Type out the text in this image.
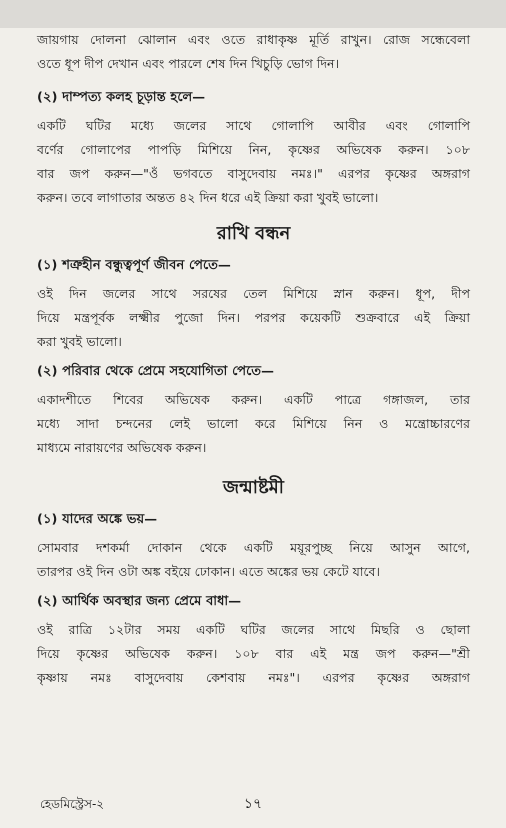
জায়গায় দোলনা ঝোলান এবং ওতে রাধাকৃষ্ণ মূর্তি রাখুন। রোজ সন্ধেবেলা
ওতে ধূপ দীপ দেখান এবং পারলে শেষ দিন খিচুড়ি ভোগ দিন।
(২) দাম্পত্য কলহ চূড়ান্ত হলে—
একটি ঘটির মধ্যে জলের সাথে গোলাপি আবীর এবং গোলাপি
বর্ণের গোলাপের পাপড়ি মিশিয়ে নিন, কৃষ্ণের অভিষেক করুন। ১০৮
বার জপ করুন—"ওঁ ভগবতে বাসুদেবায় নমঃ।" এরপর কৃষ্ণের অঙ্গরাগ
করুন। তবে লাগাতার অন্তত ৪২ দিন ধরে এই ক্রিয়া করা খুবই ভালো।
রাখি বন্ধন
(১) শত্রুহীন বন্ধুত্বপূর্ণ জীবন পেতে—
ওই দিন জলের সাথে সরষের তেল মিশিয়ে স্নান করুন। ধূপ, দীপ
দিয়ে মন্ত্রপূর্বক লক্ষ্মীর পুজো দিন। পরপর কয়েকটি শুক্রবারে এই ক্রিয়া
করা খুবই ভালো।
(২) পরিবার থেকে প্রেমে সহযোগিতা পেতে—
একাদশীতে শিবের অভিষেক করুন। একটি পাত্রে গঙ্গাজল, তার
মধ্যে সাদা চন্দনের লেই ভালো করে মিশিয়ে নিন ও মন্ত্রোচ্চারণের
মাধ্যমে নারায়ণের অভিষেক করুন।
জন্মাষ্টমী
(১) যাদের অঙ্কে ভয়—
সোমবার দশকর্মা দোকান থেকে একটি ময়ূরপুচ্ছ নিয়ে আসুন আগে,
তারপর ওই দিন ওটা অঙ্ক বইয়ে ঢোকান। এতে অঙ্কের ভয় কেটে যাবে।
(২) আর্থিক অবস্থার জন্য প্রেমে বাধা—
ওই রাত্রি ১২টার সময় একটি ঘটির জলের সাথে মিছরি ও ছোলা
দিয়ে কৃষ্ণের অভিষেক করুন। ১০৮ বার এই মন্ত্র জপ করুন—"শ্রী
কৃষ্ণায় নমঃ বাসুদেবায় কেশবায় নমঃ"। এরপর কৃষ্ণের অঙ্গরাগ
হেডমিস্ট্রেস-২	১৭
